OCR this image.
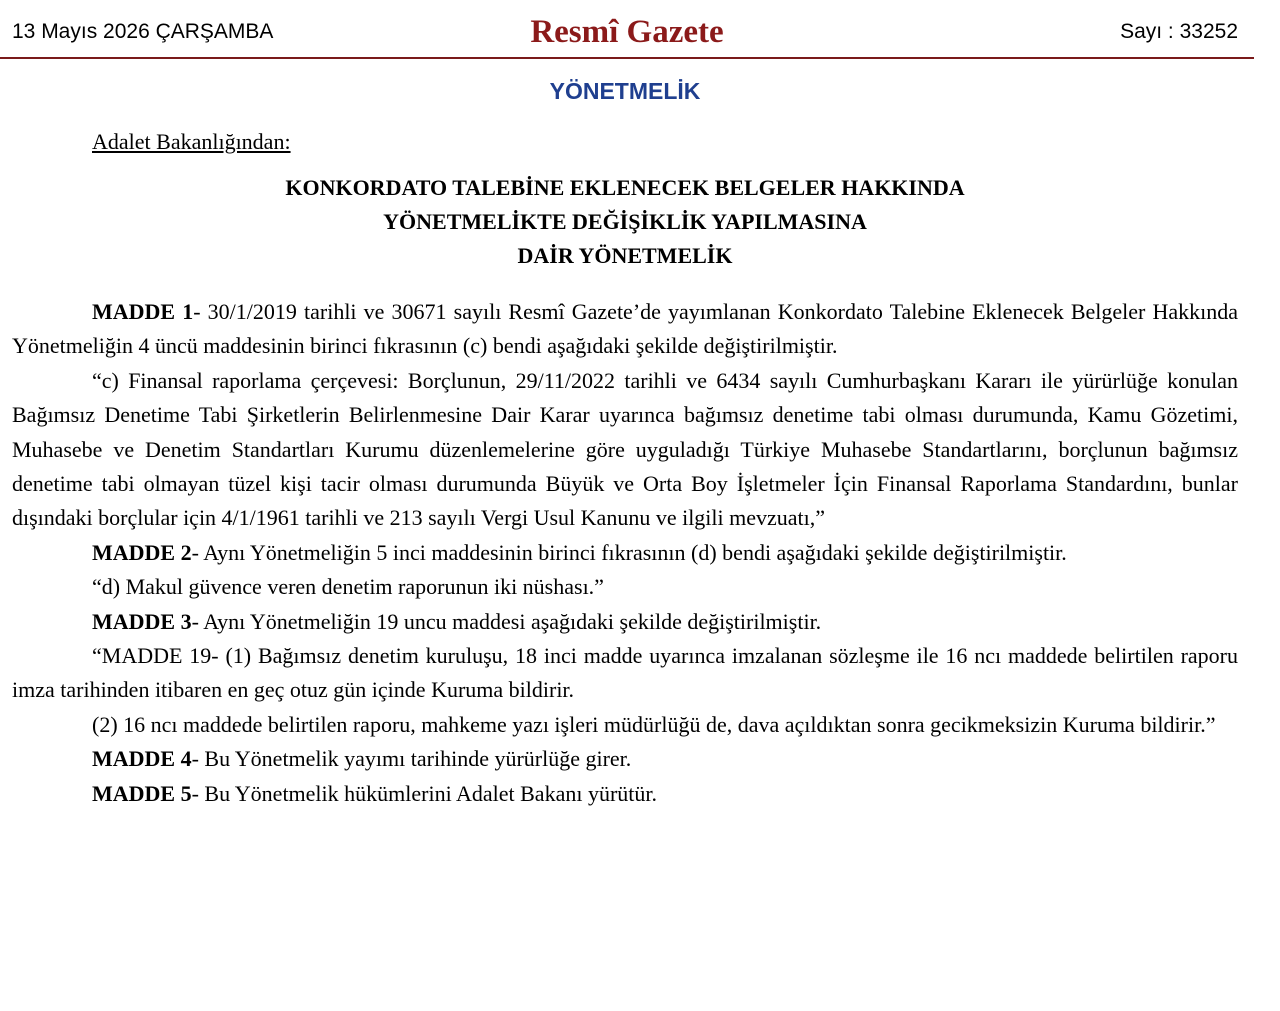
13 Mayıs 2026 ÇARŞAMBA	Resmî Gazete	Sayı : 33252
YÖNETMELİK
Adalet Bakanlığından:
KONKORDATO TALEBİNE EKLENECEK BELGELER HAKKINDA
YÖNETMELİKTE DEĞİŞİKLİK YAPILMASINA
DAİR YÖNETMELİK

MADDE 1- 30/1/2019 tarihli ve 30671 sayılı Resmî Gazete’de yayımlanan Konkordato Talebine Eklenecek Belgeler Hakkında Yönetmeliğin 4 üncü maddesinin birinci fıkrasının (c) bendi aşağıdaki şekilde değiştirilmiştir.

“c) Finansal raporlama çerçevesi: Borçlunun, 29/11/2022 tarihli ve 6434 sayılı Cumhurbaşkanı Kararı ile yürürlüğe konulan Bağımsız Denetime Tabi Şirketlerin Belirlenmesine Dair Karar uyarınca bağımsız denetime tabi olması durumunda, Kamu Gözetimi, Muhasebe ve Denetim Standartları Kurumu düzenlemelerine göre uyguladığı Türkiye Muhasebe Standartlarını, borçlunun bağımsız denetime tabi olmayan tüzel kişi tacir olması durumunda Büyük ve Orta Boy İşletmeler İçin Finansal Raporlama Standardını, bunlar dışındaki borçlular için 4/1/1961 tarihli ve 213 sayılı Vergi Usul Kanunu ve ilgili mevzuatı,”

MADDE 2- Aynı Yönetmeliğin 5 inci maddesinin birinci fıkrasının (d) bendi aşağıdaki şekilde değiştirilmiştir.

“d) Makul güvence veren denetim raporunun iki nüshası.”

MADDE 3- Aynı Yönetmeliğin 19 uncu maddesi aşağıdaki şekilde değiştirilmiştir.

“MADDE 19- (1) Bağımsız denetim kuruluşu, 18 inci madde uyarınca imzalanan sözleşme ile 16 ncı maddede belirtilen raporu imza tarihinden itibaren en geç otuz gün içinde Kuruma bildirir.

(2) 16 ncı maddede belirtilen raporu, mahkeme yazı işleri müdürlüğü de, dava açıldıktan sonra gecikmeksizin Kuruma bildirir.”

MADDE 4- Bu Yönetmelik yayımı tarihinde yürürlüğe girer.

MADDE 5- Bu Yönetmelik hükümlerini Adalet Bakanı yürütür.
